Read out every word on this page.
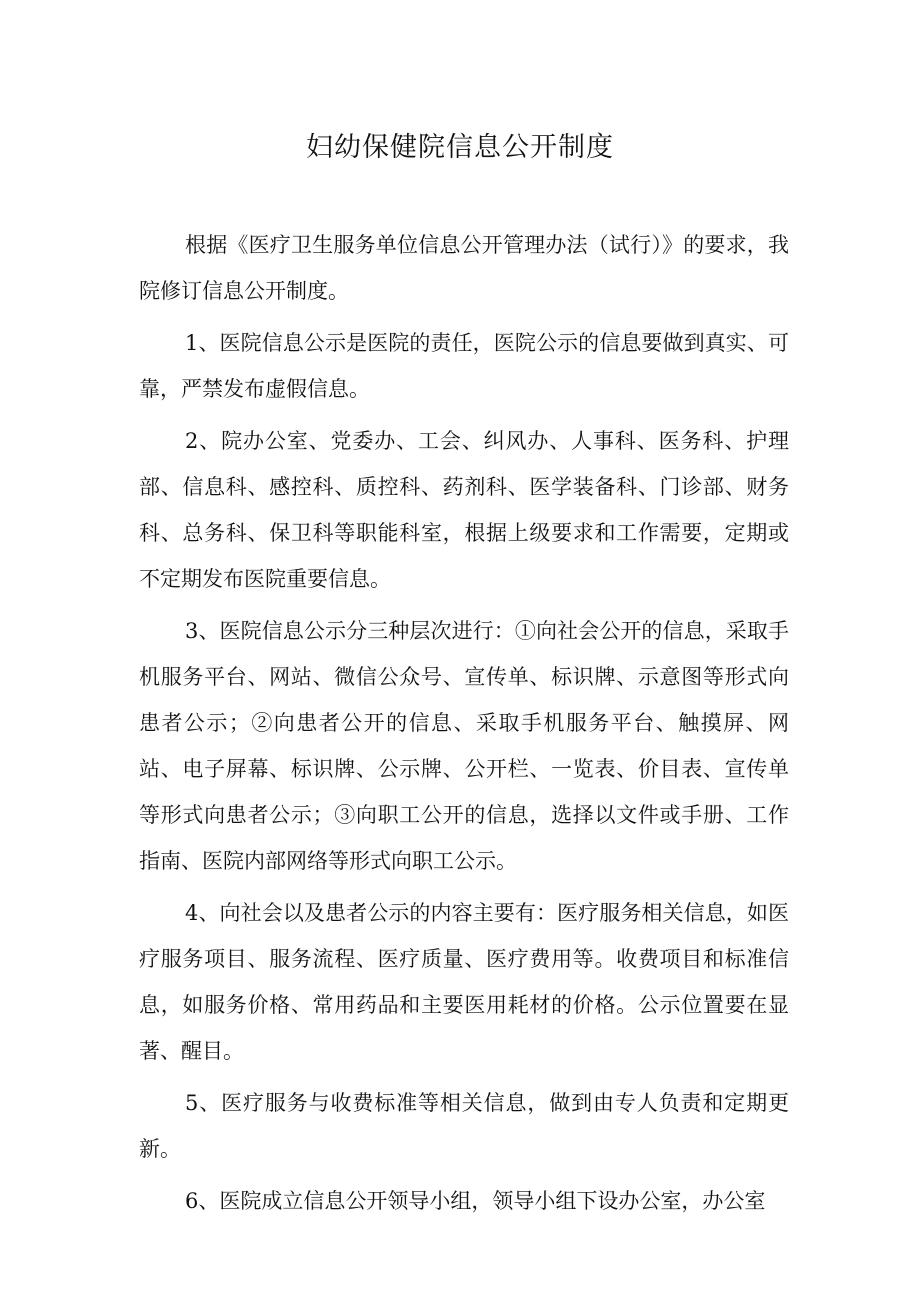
妇幼保健院信息公开制度

根据《医疗卫生服务单位信息公开管理办法（试行）》的要求，我院修订信息公开制度。

1、医院信息公示是医院的责任，医院公示的信息要做到真实、可靠，严禁发布虚假信息。

2、院办公室、党委办、工会、纠风办、人事科、医务科、护理部、信息科、感控科、质控科、药剂科、医学装备科、门诊部、财务科、总务科、保卫科等职能科室，根据上级要求和工作需要，定期或不定期发布医院重要信息。

3、医院信息公示分三种层次进行：①向社会公开的信息，采取手机服务平台、网站、微信公众号、宣传单、标识牌、示意图等形式向患者公示；②向患者公开的信息、采取手机服务平台、触摸屏、网站、电子屏幕、标识牌、公示牌、公开栏、一览表、价目表、宣传单等形式向患者公示；③向职工公开的信息，选择以文件或手册、工作指南、医院内部网络等形式向职工公示。

4、向社会以及患者公示的内容主要有：医疗服务相关信息，如医疗服务项目、服务流程、医疗质量、医疗费用等。收费项目和标准信息，如服务价格、常用药品和主要医用耗材的价格。公示位置要在显著、醒目。

5、医疗服务与收费标准等相关信息，做到由专人负责和定期更新。

6、医院成立信息公开领导小组，领导小组下设办公室，办公室
